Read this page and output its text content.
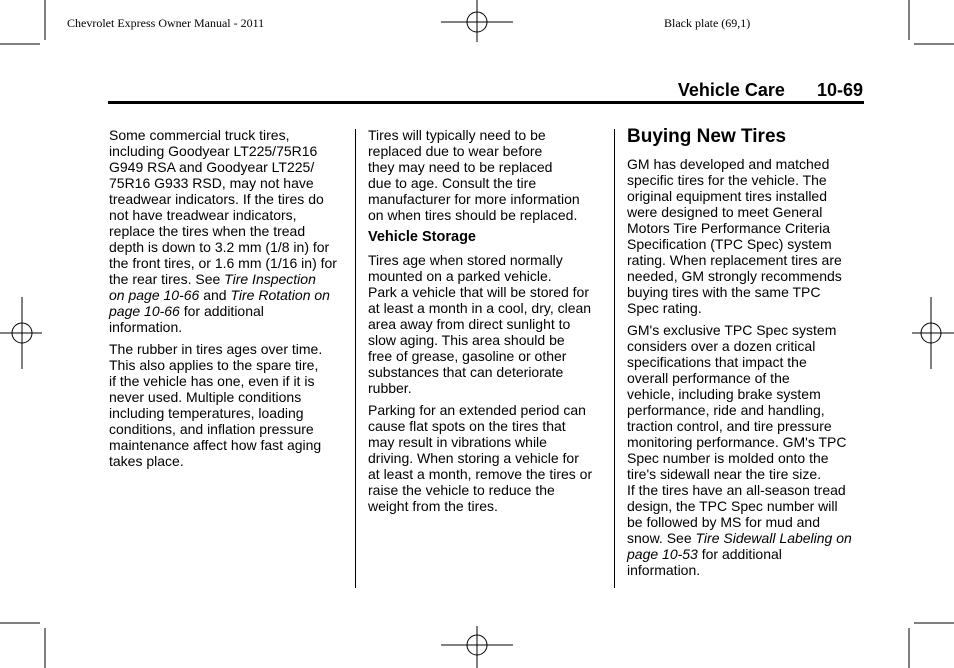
Chevrolet Express Owner Manual - 2011	Black plate (69,1)
Vehicle Care 10-69

Some commercial truck tires,
including Goodyear LT225/75R16
G949 RSA and Goodyear LT225/
75R16 G933 RSD, may not have
treadwear indicators. If the tires do
not have treadwear indicators,
replace the tires when the tread
depth is down to 3.2 mm (1/8 in) for
the front tires, or 1.6 mm (1/16 in) for
the rear tires. See Tire Inspection
on page 10-66 and Tire Rotation on
page 10-66 for additional
information.

The rubber in tires ages over time.
This also applies to the spare tire,
if the vehicle has one, even if it is
never used. Multiple conditions
including temperatures, loading
conditions, and inflation pressure
maintenance affect how fast aging
takes place.

Tires will typically need to be
replaced due to wear before
they may need to be replaced
due to age. Consult the tire
manufacturer for more information
on when tires should be replaced.

Vehicle Storage

Tires age when stored normally
mounted on a parked vehicle.
Park a vehicle that will be stored for
at least a month in a cool, dry, clean
area away from direct sunlight to
slow aging. This area should be
free of grease, gasoline or other
substances that can deteriorate
rubber.

Parking for an extended period can
cause flat spots on the tires that
may result in vibrations while
driving. When storing a vehicle for
at least a month, remove the tires or
raise the vehicle to reduce the
weight from the tires.

Buying New Tires

GM has developed and matched
specific tires for the vehicle. The
original equipment tires installed
were designed to meet General
Motors Tire Performance Criteria
Specification (TPC Spec) system
rating. When replacement tires are
needed, GM strongly recommends
buying tires with the same TPC
Spec rating.

GM's exclusive TPC Spec system
considers over a dozen critical
specifications that impact the
overall performance of the
vehicle, including brake system
performance, ride and handling,
traction control, and tire pressure
monitoring performance. GM's TPC
Spec number is molded onto the
tire's sidewall near the tire size.
If the tires have an all-season tread
design, the TPC Spec number will
be followed by MS for mud and
snow. See Tire Sidewall Labeling on
page 10-53 for additional
information.
